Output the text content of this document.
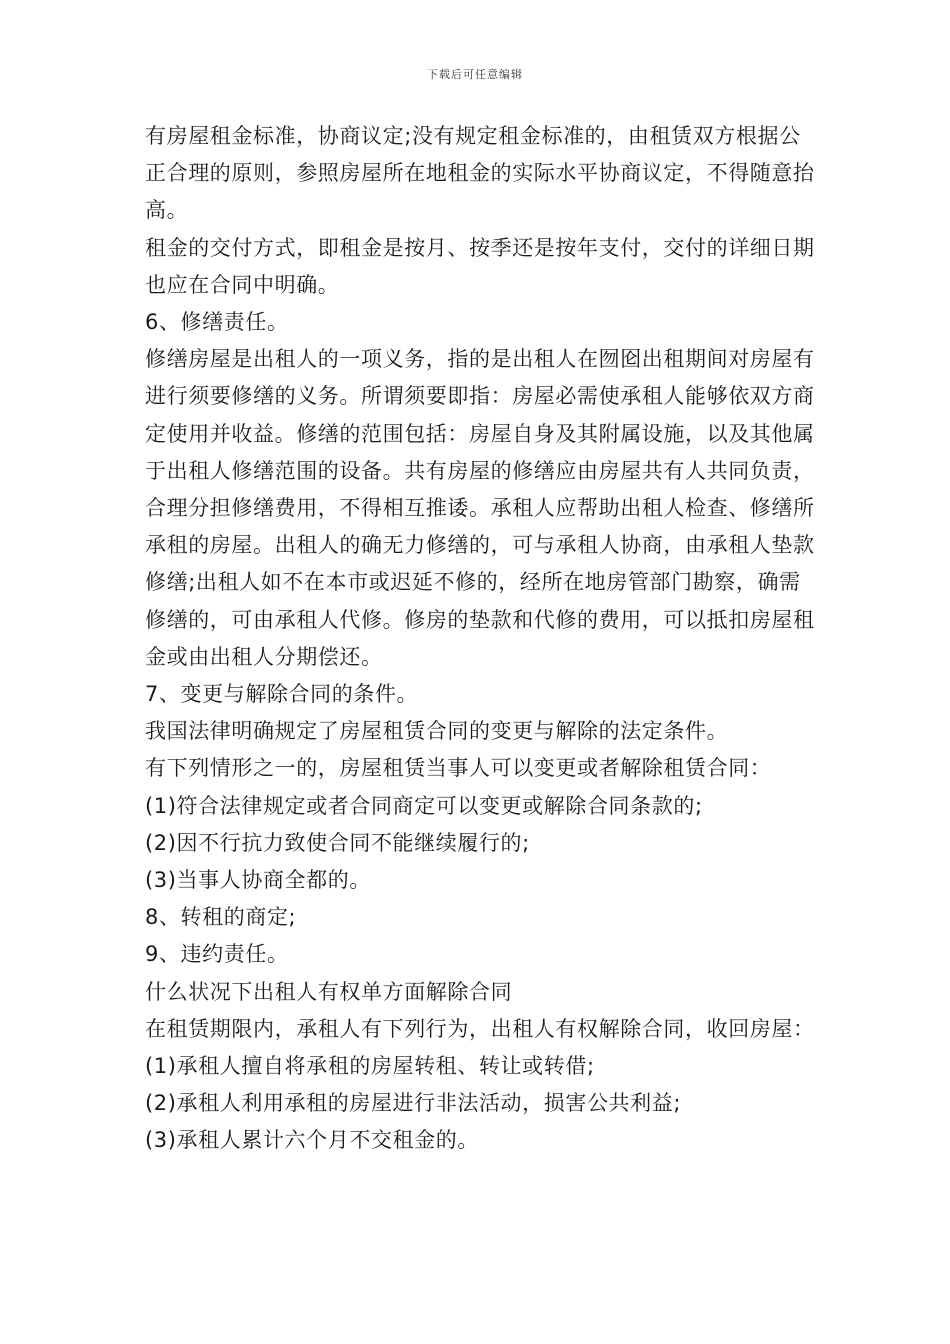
下载后可任意编辑

有房屋租金标准，协商议定;没有规定租金标准的，由租赁双方根据公正合理的原则，参照房屋所在地租金的实际水平协商议定，不得随意抬高。

租金的交付方式，即租金是按月、按季还是按年支付，交付的详细日期也应在合同中明确。

6、修缮责任。

修缮房屋是出租人的一项义务，指的是出租人在囫囵出租期间对房屋有进行须要修缮的义务。所谓须要即指：房屋必需使承租人能够依双方商定使用并收益。修缮的范围包括：房屋自身及其附属设施，以及其他属于出租人修缮范围的设备。共有房屋的修缮应由房屋共有人共同负责，合理分担修缮费用，不得相互推诿。承租人应帮助出租人检查、修缮所承租的房屋。出租人的确无力修缮的，可与承租人协商，由承租人垫款修缮;出租人如不在本市或迟延不修的，经所在地房管部门勘察，确需修缮的，可由承租人代修。修房的垫款和代修的费用，可以抵扣房屋租金或由出租人分期偿还。

7、变更与解除合同的条件。

我国法律明确规定了房屋租赁合同的变更与解除的法定条件。

有下列情形之一的，房屋租赁当事人可以变更或者解除租赁合同：

(1)符合法律规定或者合同商定可以变更或解除合同条款的;

(2)因不行抗力致使合同不能继续履行的;

(3)当事人协商全都的。

8、转租的商定;

9、违约责任。

什么状况下出租人有权单方面解除合同

在租赁期限内，承租人有下列行为，出租人有权解除合同，收回房屋：

(1)承租人擅自将承租的房屋转租、转让或转借;

(2)承租人利用承租的房屋进行非法活动，损害公共利益;

(3)承租人累计六个月不交租金的。
